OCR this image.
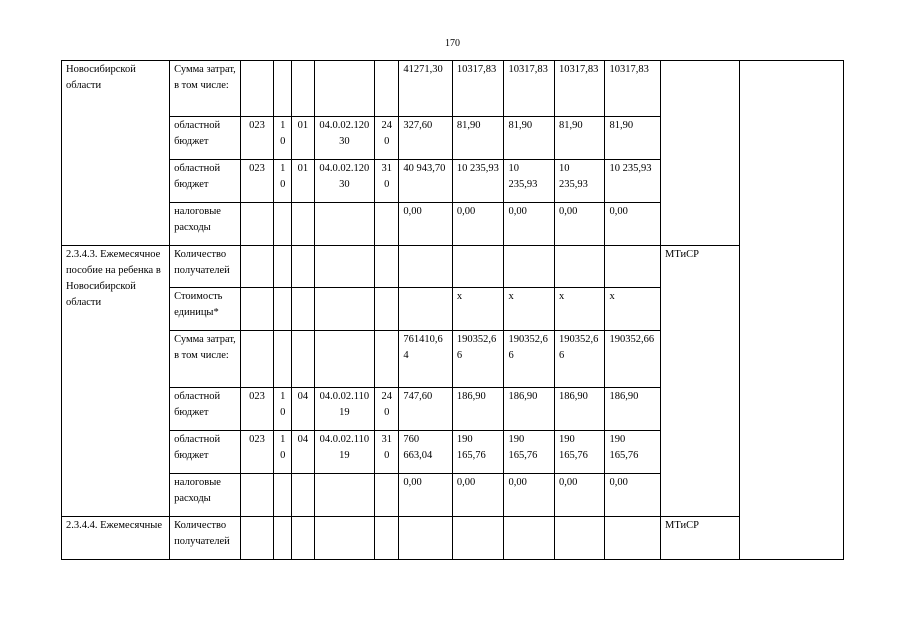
170
Новосибирской области	Сумма затрат, в том числе:						41271,30	10317,83	10317,83	10317,83	10317,83		
	областной бюджет	023	10	01	04.0.02.12030	240	327,60	81,90	81,90	81,90	81,90		
	областной бюджет	023	10	01	04.0.02.12030	310	40 943,70	10 235,93	10 235,93	10 235,93	10 235,93		
	налоговые расходы						0,00	0,00	0,00	0,00	0,00		
2.3.4.3. Ежемесячное пособие на ребенка в Новосибирской области	Количество получателей											МТиСР	
	Стоимость единицы*							х	х	х	х		
	Сумма затрат, в том числе:						761410,64	190352,66	190352,66	190352,66	190352,66		
	областной бюджет	023	10	04	04.0.02.11019	240	747,60	186,90	186,90	186,90	186,90		
	областной бюджет	023	10	04	04.0.02.11019	310	760 663,04	190 165,76	190 165,76	190 165,76	190 165,76		
	налоговые расходы						0,00	0,00	0,00	0,00	0,00		
2.3.4.4. Ежемесячные	Количество получателей											МТиСР	
